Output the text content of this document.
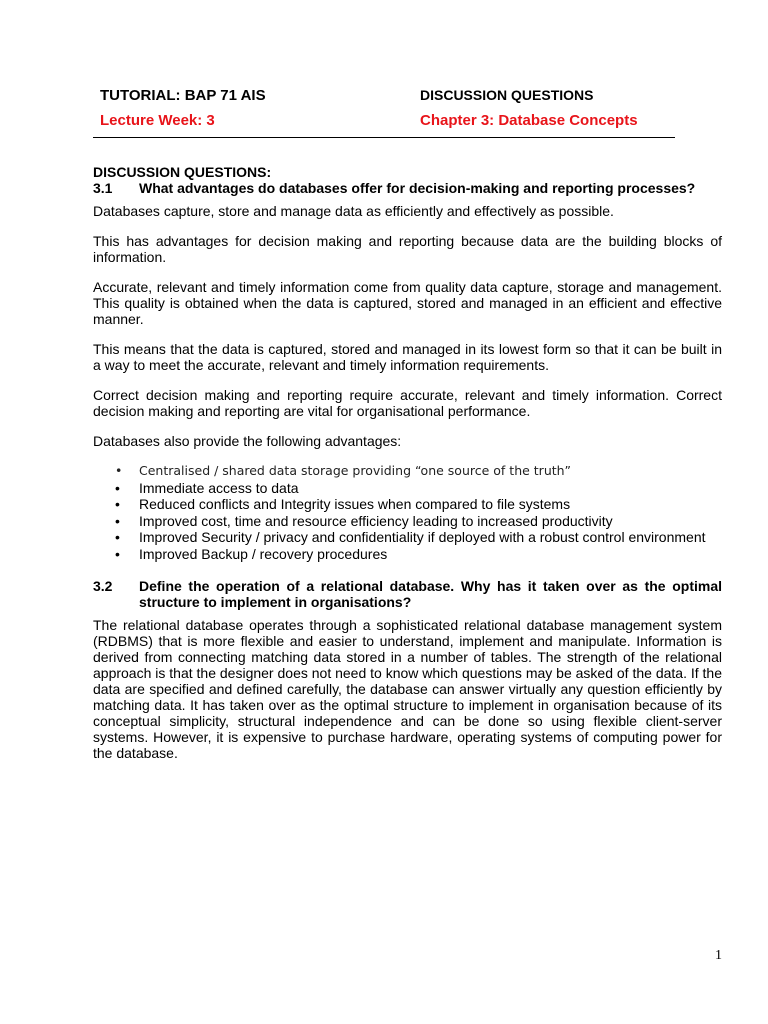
TUTORIAL: BAP 71 AIS
Lecture Week: 3
DISCUSSION QUESTIONS
Chapter 3: Database Concepts

DISCUSSION QUESTIONS:

3.1	What advantages do databases offer for decision-making and reporting processes?

Databases capture, store and manage data as efficiently and effectively as possible.

This has advantages for decision making and reporting because data are the building blocks of information.

Accurate, relevant and timely information come from quality data capture, storage and management. This quality is obtained when the data is captured, stored and managed in an efficient and effective manner.

This means that the data is captured, stored and managed in its lowest form so that it can be built in a way to meet the accurate, relevant and timely information requirements.

Correct decision making and reporting require accurate, relevant and timely information. Correct decision making and reporting are vital for organisational performance.

Databases also provide the following advantages:

•	Centralised / shared data storage providing “one source of the truth”
•	Immediate access to data
•	Reduced conflicts and Integrity issues when compared to file systems
•	Improved cost, time and resource efficiency leading to increased productivity
•	Improved Security / privacy and confidentiality if deployed with a robust control environment
•	Improved Backup / recovery procedures
3.2	Define the operation of a relational database. Why has it taken over as the optimal structure to implement in organisations?

The relational database operates through a sophisticated relational database management system (RDBMS) that is more flexible and easier to understand, implement and manipulate. Information is derived from connecting matching data stored in a number of tables. The strength of the relational approach is that the designer does not need to know which questions may be asked of the data. If the data are specified and defined carefully, the database can answer virtually any question efficiently by matching data. It has taken over as the optimal structure to implement in organisation because of its conceptual simplicity, structural independence and can be done so using flexible client-server systems. However, it is expensive to purchase hardware, operating systems of computing power for the database.

1
